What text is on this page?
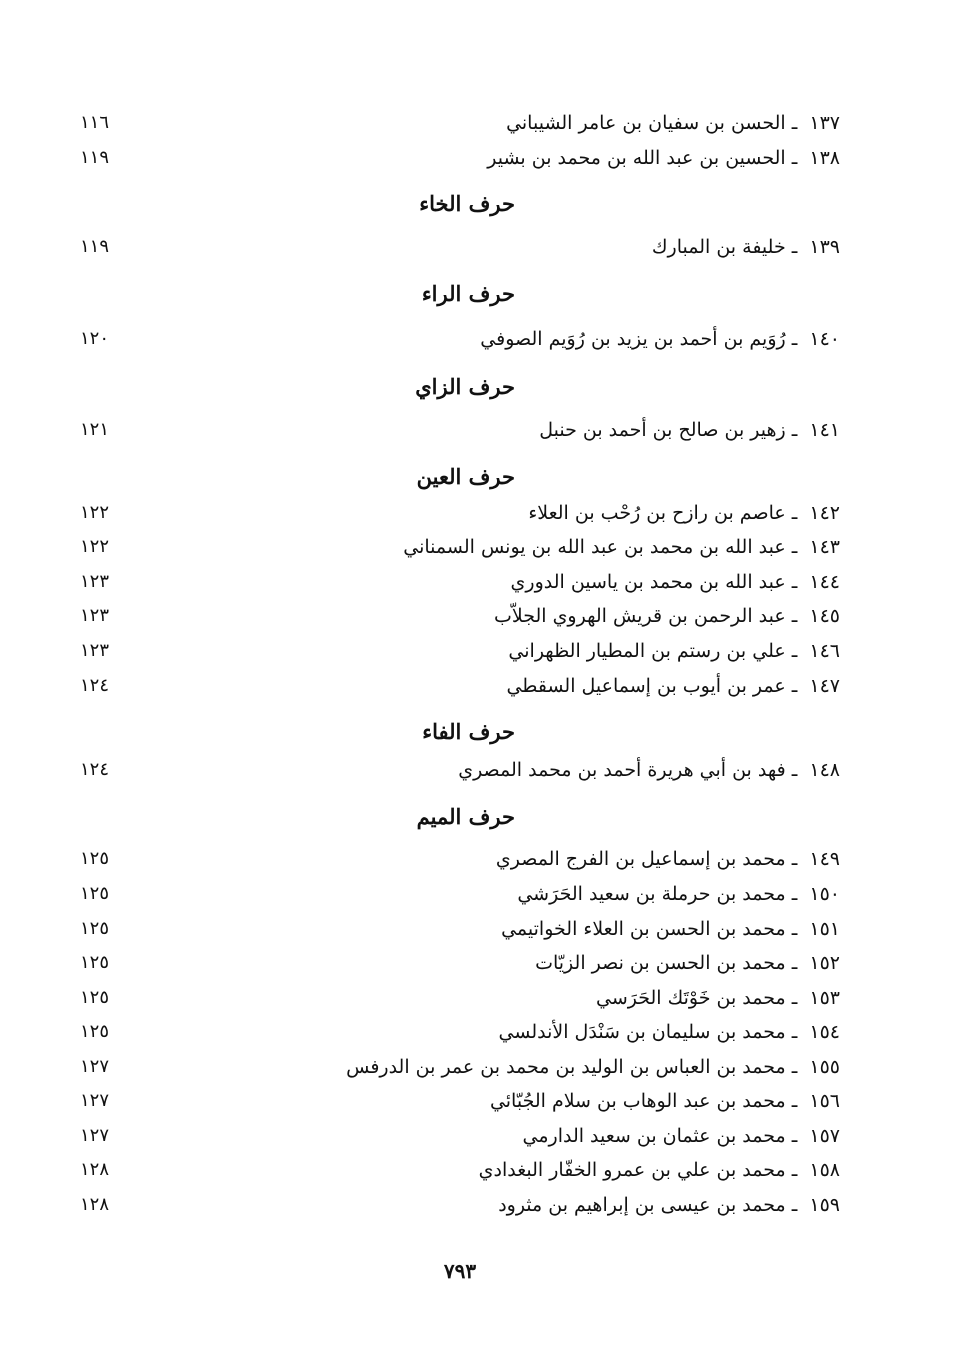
١٣٧ ـ الحسن بن سفيان بن عامر الشيباني
١١٦
١٣٨ ـ الحسين بن عبد الله بن محمد بن بشير
١١٩
حرف الخاء
١٣٩ ـ خليفة بن المبارك
١١٩
حرف الراء
١٤٠ ـ رُوَيم بن أحمد بن يزيد بن رُوَيم الصوفي
١٢٠
حرف الزاي
١٤١ ـ زهير بن صالح بن أحمد بن حنبل
١٢١
حرف العين
١٤٢ ـ عاصم بن رازح بن رُحْب بن العلاء
١٢٢
١٤٣ ـ عبد الله بن محمد بن عبد الله بن يونس السمناني
١٢٢
١٤٤ ـ عبد الله بن محمد بن ياسين الدوري
١٢٣
١٤٥ ـ عبد الرحمن بن قريش الهروي الجلاّب
١٢٣
١٤٦ ـ علي بن رستم بن المطيار الظهراني
١٢٣
١٤٧ ـ عمر بن أيوب بن إسماعيل السقطي
١٢٤
حرف الفاء
١٤٨ ـ فهد بن أبي هريرة أحمد بن محمد المصري
١٢٤
حرف الميم
١٤٩ ـ محمد بن إسماعيل بن الفرج المصري
١٢٥
١٥٠ ـ محمد بن حرملة بن سعيد الحَرَشي
١٢٥
١٥١ ـ محمد بن الحسن بن العلاء الخواتيمي
١٢٥
١٥٢ ـ محمد بن الحسن بن نصر الزيّات
١٢٥
١٥٣ ـ محمد بن خَوْتَك الحَرَسي
١٢٥
١٥٤ ـ محمد بن سليمان بن سَنْدَل الأندلسي
١٢٥
١٥٥ ـ محمد بن العباس بن الوليد بن محمد بن عمر بن الدرفس
١٢٧
١٥٦ ـ محمد بن عبد الوهاب بن سلام الجُبّائي
١٢٧
١٥٧ ـ محمد بن عثمان بن سعيد الدارمي
١٢٧
١٥٨ ـ محمد بن علي بن عمرو الخفّار البغدادي
١٢٨
١٥٩ ـ محمد بن عيسى بن إبراهيم بن مثرود
١٢٨
٧٩٣
